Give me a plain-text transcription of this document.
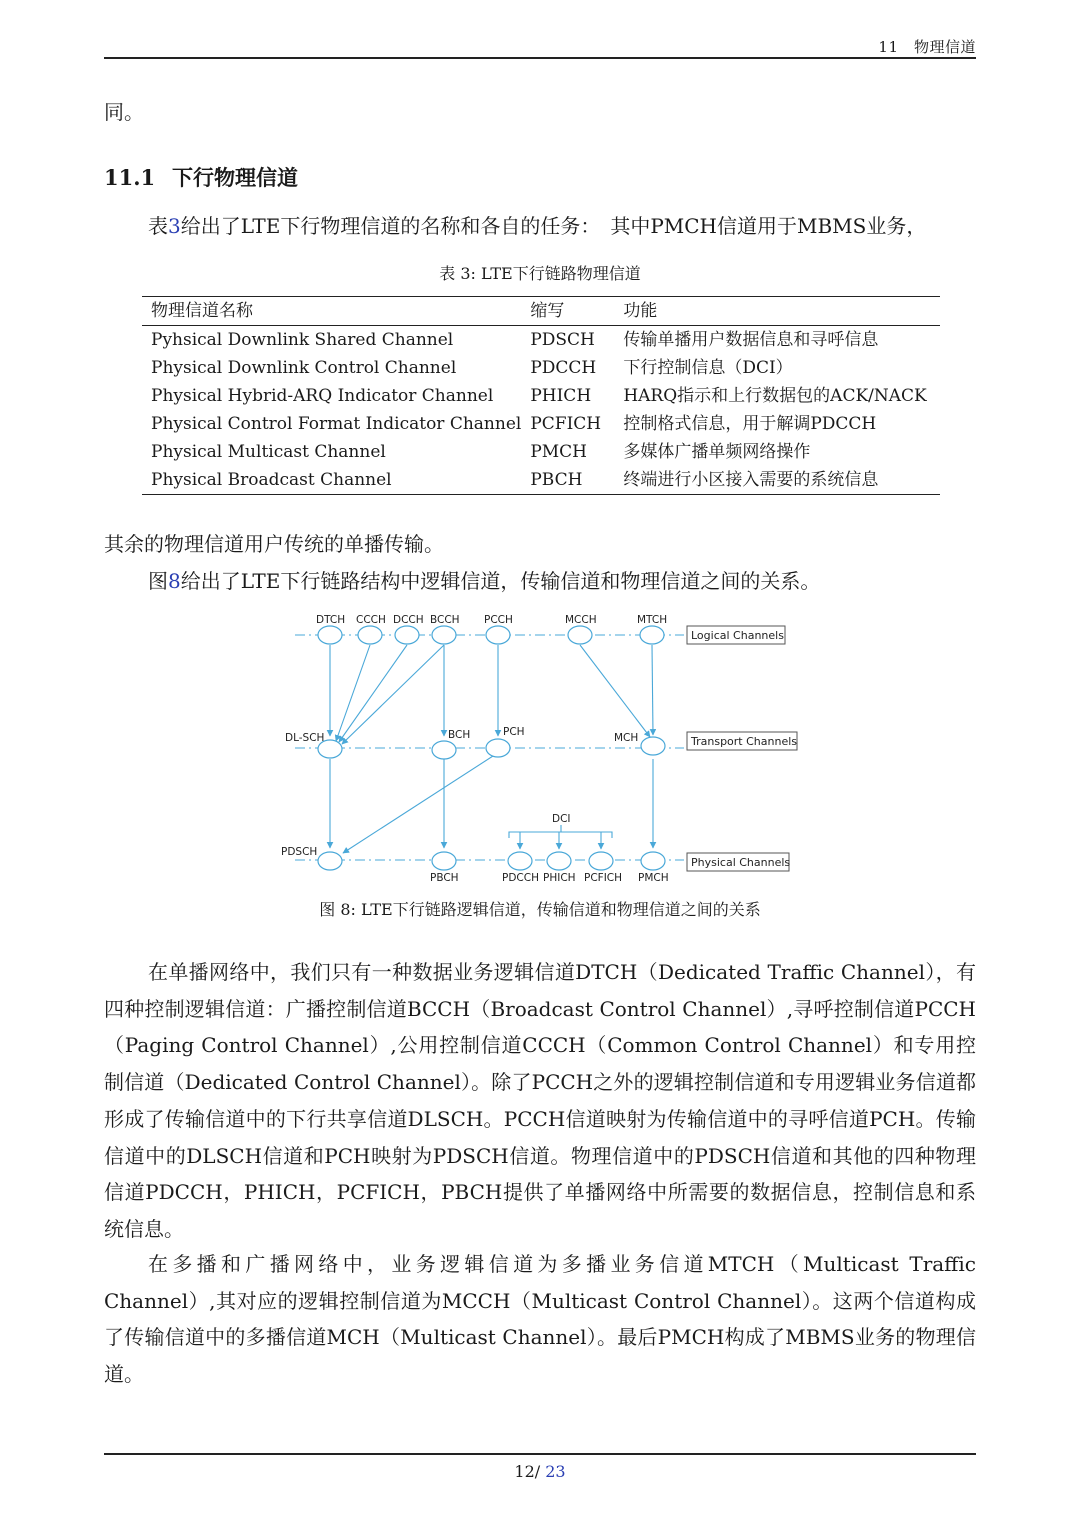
11　物理信道
同。
11.1 下行物理信道
表3给出了LTE下行物理信道的名称和各自的任务：　其中PMCH信道用于MBMS业务，
表 3: LTE下行链路物理信道
物理信道名称	缩写	功能
Pyhsical Downlink Shared Channel	PDSCH	传输单播用户数据信息和寻呼信息
Physical Downlink Control Channel	PDCCH	下行控制信息（DCI）
Physical Hybrid-ARQ Indicator Channel	PHICH	HARQ指示和上行数据包的ACK/NACK
Physical Control Format Indicator Channel	PCFICH	控制格式信息，用于解调PDCCH
Physical Multicast Channel	PMCH	多媒体广播单频网络操作
Physical Broadcast Channel	PBCH	终端进行小区接入需要的系统信息
其余的物理信道用户传统的单播传输。
图8给出了LTE下行链路结构中逻辑信道，传输信道和物理信道之间的关系。
DTCH CCCH DCCH BCCH PCCH	MCCH	MTCH
DL-SCH	BCH	PCH	MCH
PDSCH
PBCH	PDCCH PHICH PCFICH PMCH
DCI
Logical Channels
Transport Channels
Physical Channels
图 8: LTE下行链路逻辑信道，传输信道和物理信道之间的关系
在单播网络中，我们只有一种数据业务逻辑信道DTCH（Dedicated Traffic Channel），有四种控制逻辑信道：广播控制信道BCCH（Broadcast Control Channel）,寻呼控制信道PCCH（Paging Control Channel）,公用控制信道CCCH（Common Control Channel）和专用控制信道（Dedicated Control Channel）。除了PCCH之外的逻辑控制信道和专用逻辑业务信道都形成了传输信道中的下行共享信道DLSCH。PCCH信道映射为传输信道中的寻呼信道PCH。传输信道中的DLSCH信道和PCH映射为PDSCH信道。物理信道中的PDSCH信道和其他的四种物理信道PDCCH，PHICH，PCFICH，PBCH提供了单播网络中所需要的数据信息，控制信息和系统信息。
在多播和广播网络中，业务逻辑信道为多播业务信道MTCH（Multicast Traffic Channel）,其对应的逻辑控制信道为MCCH（Multicast Control Channel）。这两个信道构成了传输信道中的多播信道MCH（Multicast Channel）。最后PMCH构成了MBMS业务的物理信道。
12/ 23
